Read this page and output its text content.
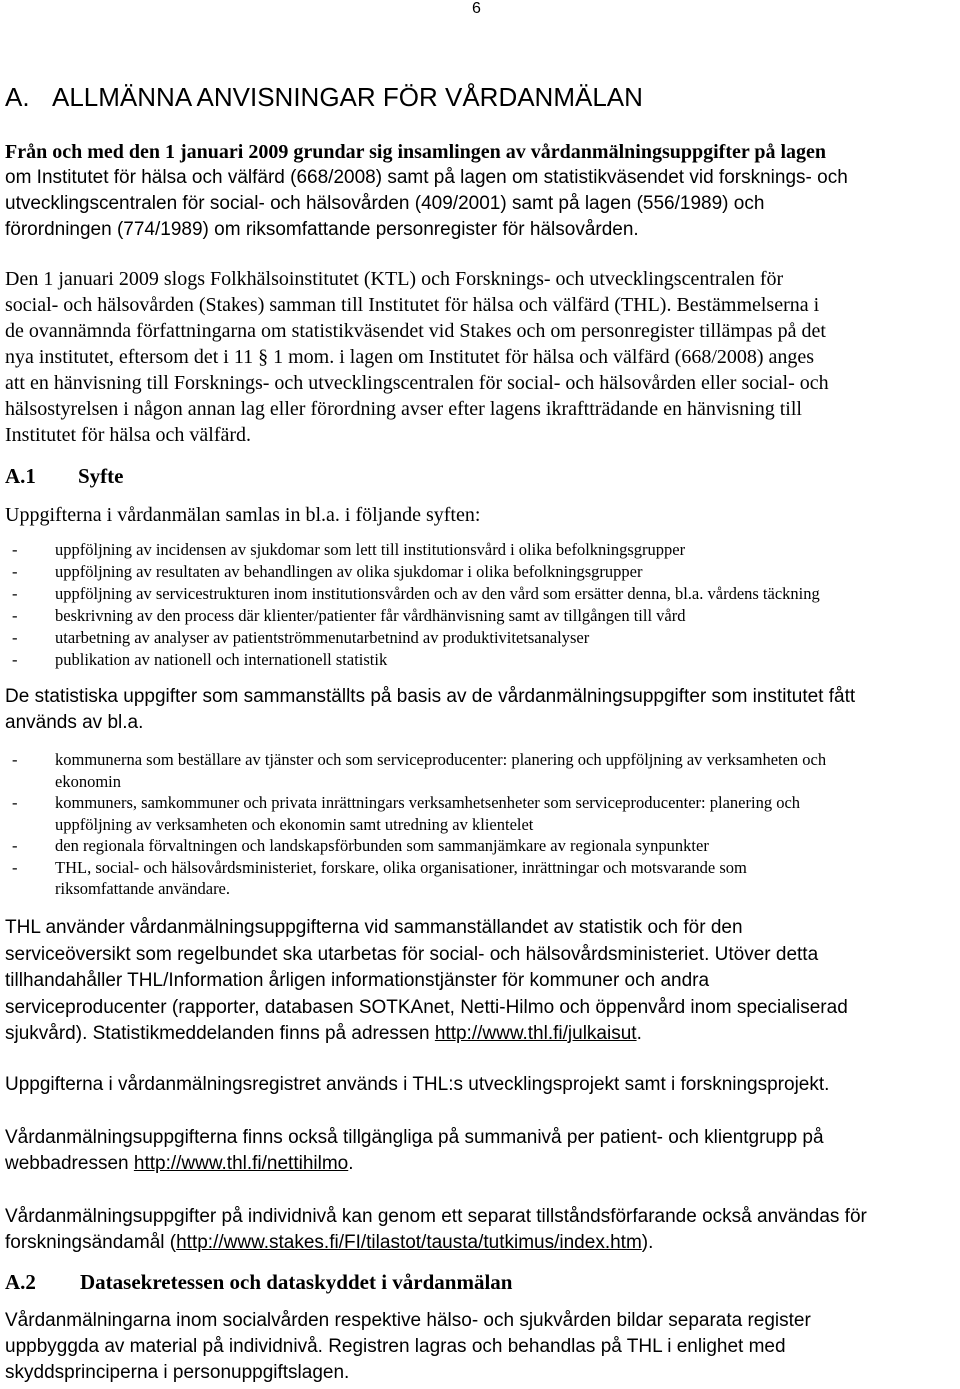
6
A. ALLMÄNNA ANVISNINGAR FÖR VÅRDANMÄLAN
Från och med den 1 januari 2009 grundar sig insamlingen av vårdanmälningsuppgifter på lagen
om Institutet för hälsa och välfärd (668/2008) samt på lagen om statistikväsendet vid forsknings- och
utvecklingscentralen för social- och hälsovården (409/2001) samt på lagen (556/1989) och
förordningen (774/1989) om riksomfattande personregister för hälsovården.
Den 1 januari 2009 slogs Folkhälsoinstitutet (KTL) och Forsknings- och utvecklingscentralen för
social- och hälsovården (Stakes) samman till Institutet för hälsa och välfärd (THL). Bestämmelserna i
de ovannämnda författningarna om statistikväsendet vid Stakes och om personregister tillämpas på det
nya institutet, eftersom det i 11 § 1 mom. i lagen om Institutet för hälsa och välfärd (668/2008) anges
att en hänvisning till Forsknings- och utvecklingscentralen för social- och hälsovården eller social- och
hälsostyrelsen i någon annan lag eller förordning avser efter lagens ikraftträdande en hänvisning till
Institutet för hälsa och välfärd.
A.1 Syfte
Uppgifterna i vårdanmälan samlas in bl.a. i följande syften:
- uppföljning av incidensen av sjukdomar som lett till institutionsvård i olika befolkningsgrupper
- uppföljning av resultaten av behandlingen av olika sjukdomar i olika befolkningsgrupper
- uppföljning av servicestrukturen inom institutionsvården och av den vård som ersätter denna, bl.a. vårdens täckning
- beskrivning av den process där klienter/patienter får vårdhänvisning samt av tillgången till vård
- utarbetning av analyser av patientströmmenutarbetnind av produktivitetsanalyser
- publikation av nationell och internationell statistik
De statistiska uppgifter som sammanställts på basis av de vårdanmälningsuppgifter som institutet fått
används av bl.a.
- kommunerna som beställare av tjänster och som serviceproducenter: planering och uppföljning av verksamheten och
ekonomin
- kommuners, samkommuner och privata inrättningars verksamhetsenheter som serviceproducenter: planering och
uppföljning av verksamheten och ekonomin samt utredning av klientelet
- den regionala förvaltningen och landskapsförbunden som sammanjämkare av regionala synpunkter
- THL, social- och hälsovårdsministeriet, forskare, olika organisationer, inrättningar och motsvarande som
riksomfattande användare.
THL använder vårdanmälningsuppgifterna vid sammanställandet av statistik och för den
serviceöversikt som regelbundet ska utarbetas för social- och hälsovårdsministeriet. Utöver detta
tillhandahåller THL/Information årligen informationstjänster för kommuner och andra
serviceproducenter (rapporter, databasen SOTKAnet, Netti-Hilmo och öppenvård inom specialiserad
sjukvård). Statistikmeddelanden finns på adressen http://www.thl.fi/julkaisut.
Uppgifterna i vårdanmälningsregistret används i THL:s utvecklingsprojekt samt i forskningsprojekt.
Vårdanmälningsuppgifterna finns också tillgängliga på summanivå per patient- och klientgrupp på
webbadressen http://www.thl.fi/nettihilmo.
Vårdanmälningsuppgifter på individnivå kan genom ett separat tillståndsförfarande också användas för
forskningsändamål (http://www.stakes.fi/FI/tilastot/tausta/tutkimus/index.htm).
A.2 Datasekretessen och dataskyddet i vårdanmälan
Vårdanmälningarna inom socialvården respektive hälso- och sjukvården bildar separata register
uppbyggda av material på individnivå. Registren lagras och behandlas på THL i enlighet med
skyddsprinciperna i personuppgiftslagen.
